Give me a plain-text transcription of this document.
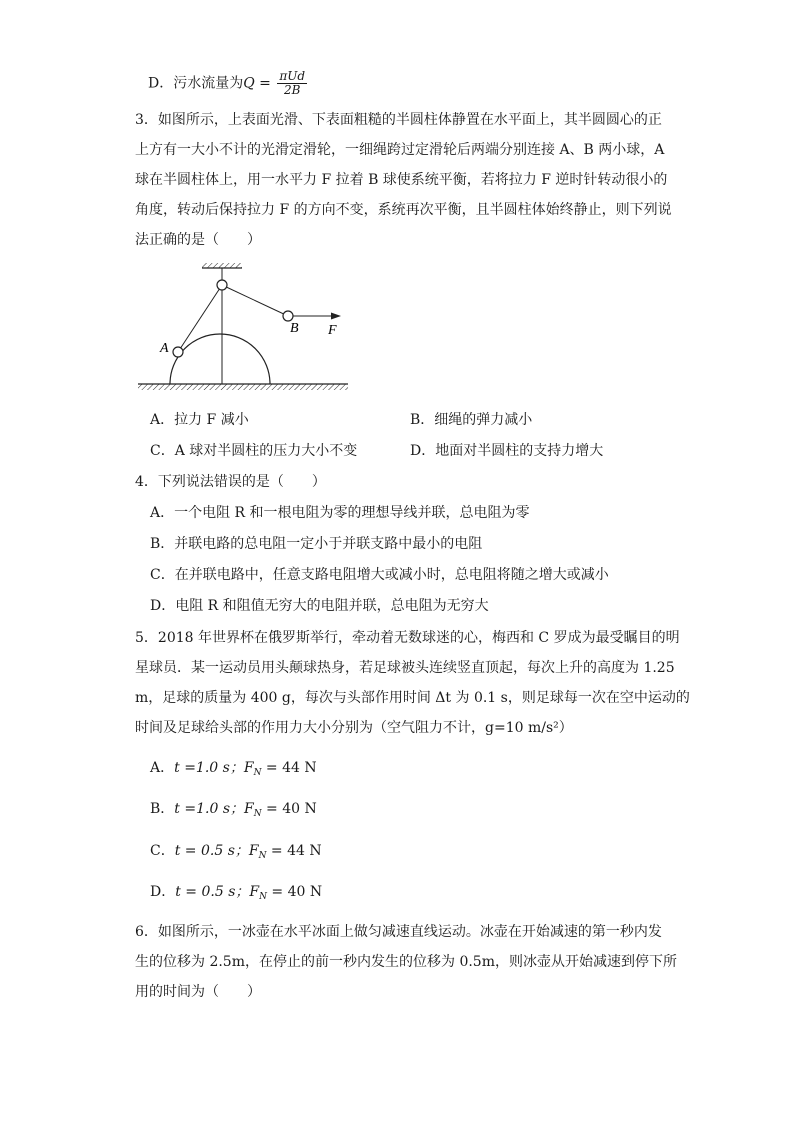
D．污水流量为$Q = \frac{\text{πUd}}{2B}$
3．如图所示，上表面光滑、下表面粗糙的半圆柱体静置在水平面上，其半圆圆心的正
上方有一大小不计的光滑定滑轮，一细绳跨过定滑轮后两端分别连接 A、B 两小球，A
球在半圆柱体上，用一水平力 F 拉着 B 球使系统平衡，若将拉力 F 逆时针转动很小的
角度，转动后保持拉力 F 的方向不变，系统再次平衡，且半圆柱体始终静止，则下列说
法正确的是（　　）
A
B F
A．拉力 F 减小	B．细绳的弹力减小
C．A 球对半圆柱的压力大小不变	D．地面对半圆柱的支持力增大
4．下列说法错误的是（　　）
A．一个电阻 R 和一根电阻为零的理想导线并联，总电阻为零
B．并联电路的总电阻一定小于并联支路中最小的电阻
C．在并联电路中，任意支路电阻增大或减小时，总电阻将随之增大或减小
D．电阻 R 和阻值无穷大的电阻并联，总电阻为无穷大
5．2018 年世界杯在俄罗斯举行，牵动着无数球迷的心，梅西和 C 罗成为最受瞩目的明
星球员．某一运动员用头颠球热身，若足球被头连续竖直顶起，每次上升的高度为 1.25
m，足球的质量为 400 g，每次与头部作用时间 Δt 为 0.1 s，则足球每一次在空中运动的
时间及足球给头部的作用力大小分别为（空气阻力不计，g=10 m/s²）
A．t =1.0 s；$F_N = 44$ N
B．t =1.0 s；$F_N = 40$ N
C．t = 0.5 s；$F_N = 44$ N
D．t = 0.5 s；$F_N = 40$ N
6．如图所示，一冰壶在水平冰面上做匀减速直线运动。冰壶在开始减速的第一秒内发
生的位移为 2.5m，在停止的前一秒内发生的位移为 0.5m，则冰壶从开始减速到停下所
用的时间为（　　）
